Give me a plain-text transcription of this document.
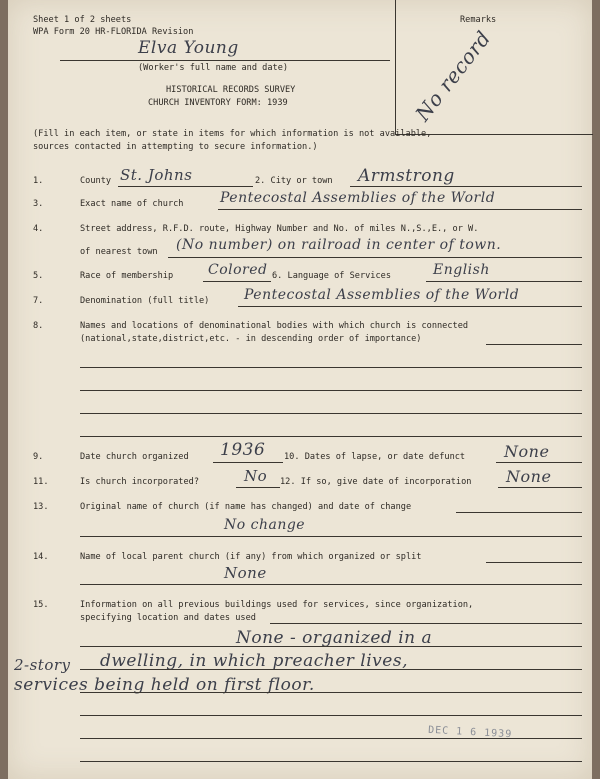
Sheet 1 of 2 sheets
WPA Form 20 HR-FLORIDA Revision
Elva Young
(Worker's full name and date)
HISTORICAL RECORDS SURVEY
CHURCH INVENTORY FORM: 1939
Remarks
No record
(Fill in each item, or state in items for which information is not available,
sources contacted in attempting to secure information.)
1.	County St. Johns	2. City or town Armstrong
3.	Exact name of church	Pentecostal Assemblies of the World
4.	Street address, R.F.D. route, Highway Number and No. of miles N.,S.,E., or W.
of nearest town (No number) on railroad in center of town.
5.	Race of membership Colored 6. Language of Services	English
7.	Denomination (full title) Pentecostal Assemblies of the World
8.	Names and locations of denominational bodies with which church is connected
(national,state,district,etc. - in descending order of importance)
9.	Date church organized 1936 10. Dates of lapse, or date defunct None
11.	Is church incorporated?	No 12. If so, give date of incorporation None
13.	Original name of church (if name has changed) and date of change
No change
14.	Name of local parent church (if any) from which organized or split
None
15.	Information on all previous buildings used for services, since organization,
specifying location and dates used
None - organized in a
2-story dwelling, in which preacher lives,
services being held on first floor.
DEC 1 6 1939
